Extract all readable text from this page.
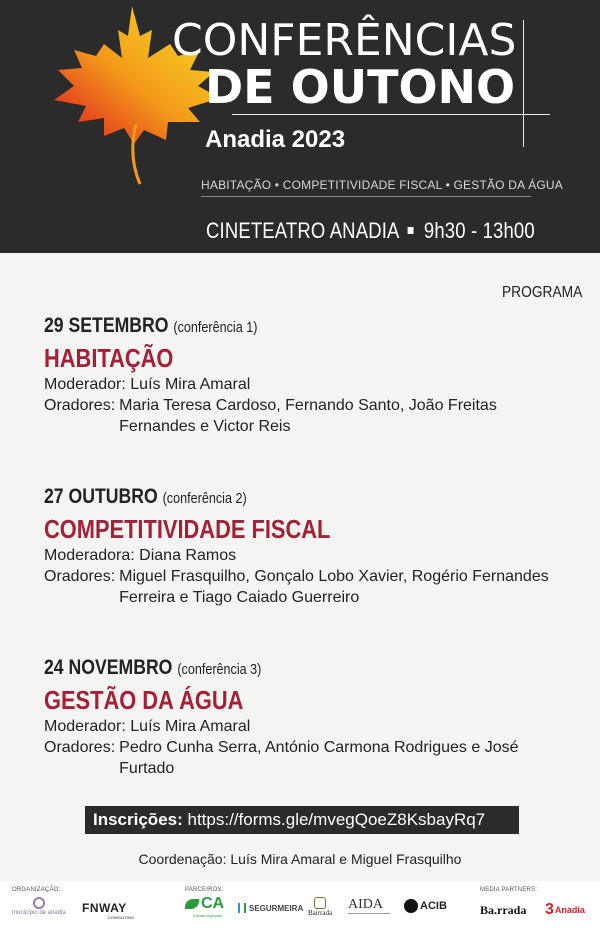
CONFERÊNCIAS
DE OUTONO
Anadia 2023
HABITAÇÃO • COMPETITIVIDADE FISCAL • GESTÃO DA ÁGUA
CINETEATRO ANADIA 9h30 - 13h00
PROGRAMA
29 SETEMBRO (conferência 1)
HABITAÇÃO
Moderador: Luís Mira Amaral
Oradores: Maria Teresa Cardoso, Fernando Santo, João Freitas Fernandes e Victor Reis
27 OUTUBRO (conferência 2)
COMPETITIVIDADE FISCAL
Moderadora: Diana Ramos
Oradores: Miguel Frasquilho, Gonçalo Lobo Xavier, Rogério Fernandes Ferreira e Tiago Caiado Guerreiro
24 NOVEMBRO (conferência 3)
GESTÃO DA ÁGUA
Moderador: Luís Mira Amaral
Oradores: Pedro Cunha Serra, António Carmona Rodrigues e José Furtado
Inscrições: https://forms.gle/mvegQoeZ8KsbayRq7
Coordenação: Luís Mira Amaral e Miguel Frasquilho
ORGANIZAÇÃO:	PARCEIROS:	MEDIA PARTNERS:
município de anadia FNWAY
CONSULTING
CA
Crédito Agrícola
SEGURMEIRA
Bairrada
AIDA	ACIB	Ba.rrada 3 Anadia
